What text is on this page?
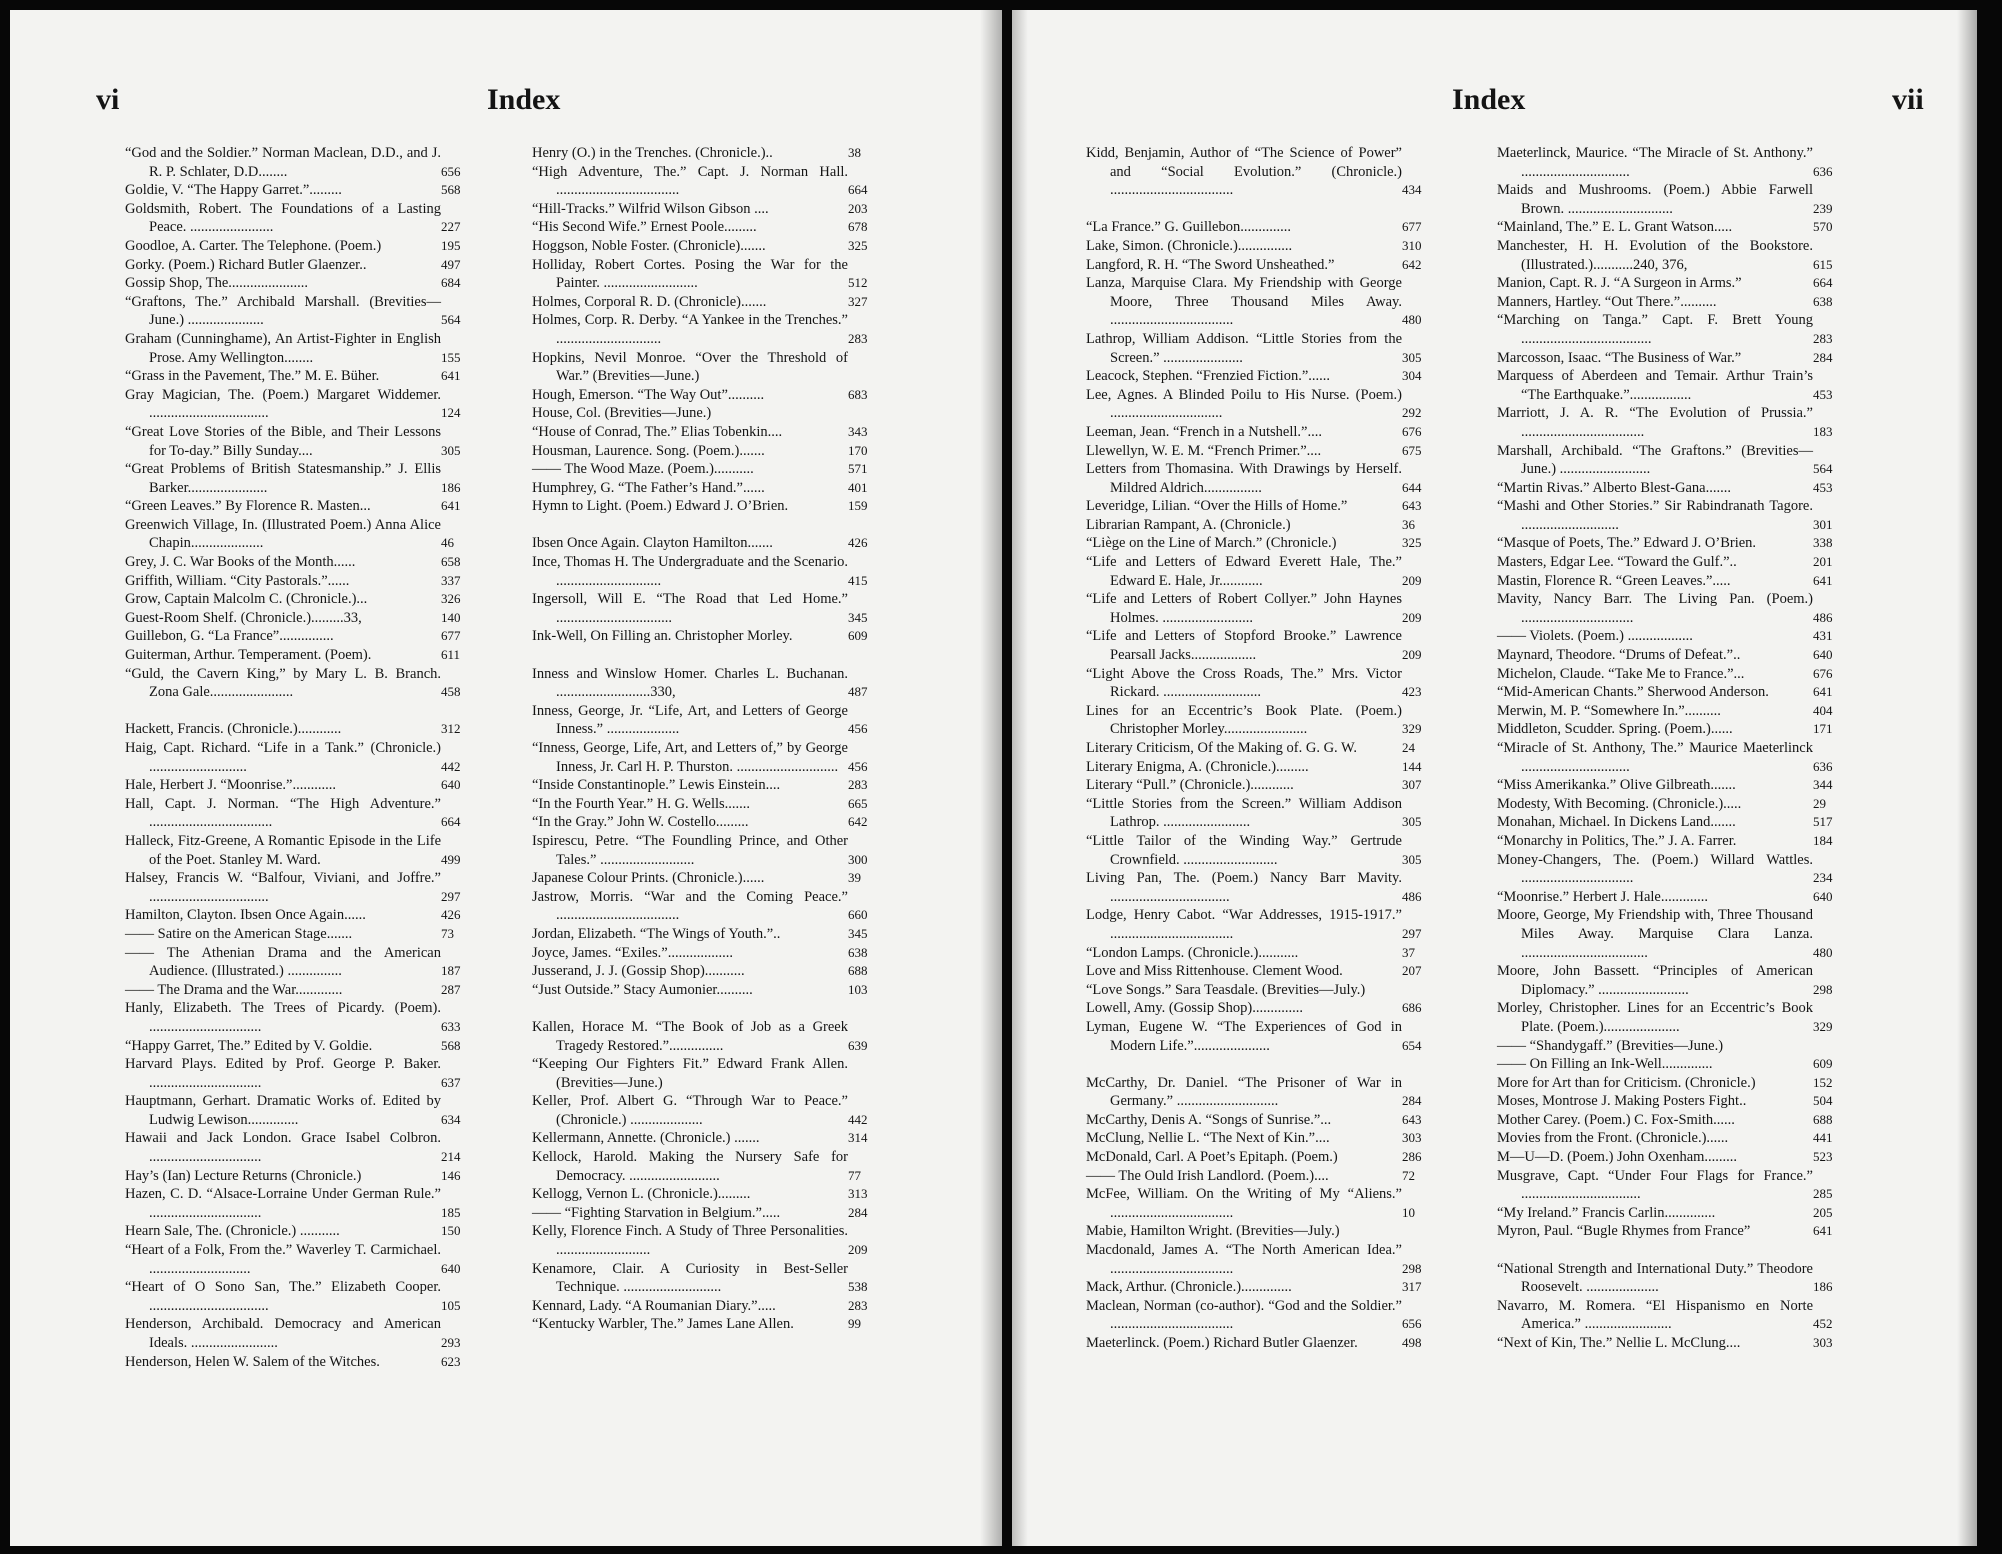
vi	Index
“God and the Soldier.” Norman Maclean, D.D., and J. R. P. Schlater, D.D........	656
Goldie, V. “The Happy Garret.”.........	568
Goldsmith, Robert. The Foundations of a Lasting Peace. .......................	227
Goodloe, A. Carter. The Telephone. (Poem.)	195
Gorky. (Poem.) Richard Butler Glaenzer..	497
Gossip Shop, The......................	684
“Graftons, The.” Archibald Marshall. (Brevities—June.) .....................	564
Graham (Cunninghame), An Artist-Fighter in English Prose. Amy Wellington........	155
“Grass in the Pavement, The.” M. E. Büher.	641
Gray Magician, The. (Poem.) Margaret Widdemer. .................................	124
“Great Love Stories of the Bible, and Their Lessons for To-day.” Billy Sunday....	305
“Great Problems of British Statesmanship.” J. Ellis Barker......................	186
“Green Leaves.” By Florence R. Masten...	641
Greenwich Village, In. (Illustrated Poem.) Anna Alice Chapin....................	46
Grey, J. C. War Books of the Month......	658
Griffith, William. “City Pastorals.”......	337
Grow, Captain Malcolm C. (Chronicle.)...	326
Guest-Room Shelf. (Chronicle.).........33,	140
Guillebon, G. “La France”...............	677
Guiterman, Arthur. Temperament. (Poem).	611
“Guld, the Cavern King,” by Mary L. B. Branch. Zona Gale.......................	458
Hackett, Francis. (Chronicle.)............	312
Haig, Capt. Richard. “Life in a Tank.” (Chronicle.) ...........................	442
Hale, Herbert J. “Moonrise.”............	640
Hall, Capt. J. Norman. “The High Adventure.” ..................................	664
Halleck, Fitz-Greene, A Romantic Episode in the Life of the Poet. Stanley M. Ward.	499
Halsey, Francis W. “Balfour, Viviani, and Joffre.” .................................	297
Hamilton, Clayton. Ibsen Once Again......	426
—— Satire on the American Stage.......	73
—— The Athenian Drama and the American Audience. (Illustrated.) ...............	187
—— The Drama and the War.............	287
Hanly, Elizabeth. The Trees of Picardy. (Poem). ...............................	633
“Happy Garret, The.” Edited by V. Goldie.	568
Harvard Plays. Edited by Prof. George P. Baker. ...............................	637
Hauptmann, Gerhart. Dramatic Works of. Edited by Ludwig Lewison..............	634
Hawaii and Jack London. Grace Isabel Colbron. ...............................	214
Hay’s (Ian) Lecture Returns (Chronicle.)	146
Hazen, C. D. “Alsace-Lorraine Under German Rule.” ...............................	185
Hearn Sale, The. (Chronicle.) ...........	150
“Heart of a Folk, From the.” Waverley T. Carmichael. ............................	640
“Heart of O Sono San, The.” Elizabeth Cooper. .................................	105
Henderson, Archibald. Democracy and American Ideals. ........................	293
Henderson, Helen W. Salem of the Witches.	623
Henry (O.) in the Trenches. (Chronicle.)..	38
“High Adventure, The.” Capt. J. Norman Hall. ..................................	664
“Hill-Tracks.” Wilfrid Wilson Gibson ....	203
“His Second Wife.” Ernest Poole.........	678
Hoggson, Noble Foster. (Chronicle).......	325
Holliday, Robert Cortes. Posing the War for the Painter. ..........................	512
Holmes, Corporal R. D. (Chronicle).......	327
Holmes, Corp. R. Derby. “A Yankee in the Trenches.” .............................	283
Hopkins, Nevil Monroe. “Over the Threshold of War.” (Brevities—June.)
Hough, Emerson. “The Way Out”..........	683
House, Col. (Brevities—June.)
“House of Conrad, The.” Elias Tobenkin....	343
Housman, Laurence. Song. (Poem.).......	170
—— The Wood Maze. (Poem.)...........	571
Humphrey, G. “The Father’s Hand.”......	401
Hymn to Light. (Poem.) Edward J. O’Brien.	159
Ibsen Once Again. Clayton Hamilton.......	426
Ince, Thomas H. The Undergraduate and the Scenario. .............................	415
Ingersoll, Will E. “The Road that Led Home.” ................................	345
Ink-Well, On Filling an. Christopher Morley.	609
Inness and Winslow Homer. Charles L. Buchanan. ..........................330,	487
Inness, George, Jr. “Life, Art, and Letters of George Inness.” ....................	456
“Inness, George, Life, Art, and Letters of,” by George Inness, Jr. Carl H. P. Thurston. ............................ 456
“Inside Constantinople.” Lewis Einstein....	283
“In the Fourth Year.” H. G. Wells.......	665
“In the Gray.” John W. Costello.........	642
Ispirescu, Petre. “The Foundling Prince, and Other Tales.” ..........................	300
Japanese Colour Prints. (Chronicle.)......	39
Jastrow, Morris. “War and the Coming Peace.” ..................................	660
Jordan, Elizabeth. “The Wings of Youth.”..	345
Joyce, James. “Exiles.”..................	638
Jusserand, J. J. (Gossip Shop)...........	688
“Just Outside.” Stacy Aumonier..........	103
Kallen, Horace M. “The Book of Job as a Greek Tragedy Restored.”...............	639
“Keeping Our Fighters Fit.” Edward Frank Allen. (Brevities—June.)
Keller, Prof. Albert G. “Through War to Peace.” (Chronicle.) ....................	442
Kellermann, Annette. (Chronicle.) .......	314
Kellock, Harold. Making the Nursery Safe for Democracy. .........................	77
Kellogg, Vernon L. (Chronicle.).........	313
—— “Fighting Starvation in Belgium.”.....	284
Kelly, Florence Finch. A Study of Three Personalities. ..........................	209
Kenamore, Clair. A Curiosity in Best-Seller Technique. ...........................	538
Kennard, Lady. “A Roumanian Diary.”.....	283
“Kentucky Warbler, The.” James Lane Allen.	99
Index	vii
Kidd, Benjamin, Author of “The Science of Power” and “Social Evolution.” (Chronicle.) ..................................	434
“La France.” G. Guillebon..............	677
Lake, Simon. (Chronicle.)...............	310
Langford, R. H. “The Sword Unsheathed.”	642
Lanza, Marquise Clara. My Friendship with George Moore, Three Thousand Miles Away. ..................................	480
Lathrop, William Addison. “Little Stories from the Screen.” ......................	305
Leacock, Stephen. “Frenzied Fiction.”......	304
Lee, Agnes. A Blinded Poilu to His Nurse. (Poem.) ...............................	292
Leeman, Jean. “French in a Nutshell.”....	676
Llewellyn, W. E. M. “French Primer.”....	675
Letters from Thomasina. With Drawings by Herself. Mildred Aldrich................	644
Leveridge, Lilian. “Over the Hills of Home.”	643
Librarian Rampant, A. (Chronicle.)	36
“Liège on the Line of March.” (Chronicle.)	325
“Life and Letters of Edward Everett Hale, The.” Edward E. Hale, Jr............	209
“Life and Letters of Robert Collyer.” John Haynes Holmes. .........................	209
“Life and Letters of Stopford Brooke.” Lawrence Pearsall Jacks..................	209
“Light Above the Cross Roads, The.” Mrs. Victor Rickard. ...........................	423
Lines for an Eccentric’s Book Plate. (Poem.) Christopher Morley.......................	329
Literary Criticism, Of the Making of. G. G. W.	24
Literary Enigma, A. (Chronicle.).........	144
Literary “Pull.” (Chronicle.)............	307
“Little Stories from the Screen.” William Addison Lathrop. ........................	305
“Little Tailor of the Winding Way.” Gertrude Crownfield. ..........................	305
Living Pan, The. (Poem.) Nancy Barr Mavity. .................................	486
Lodge, Henry Cabot. “War Addresses, 1915-1917.” ..................................	297
“London Lamps. (Chronicle.)...........	37
Love and Miss Rittenhouse. Clement Wood.	207
“Love Songs.” Sara Teasdale. (Brevities—July.)
Lowell, Amy. (Gossip Shop)..............	686
Lyman, Eugene W. “The Experiences of God in Modern Life.”.....................	654
McCarthy, Dr. Daniel. “The Prisoner of War in Germany.” ............................	284
McCarthy, Denis A. “Songs of Sunrise.”...	643
McClung, Nellie L. “The Next of Kin.”....	303
McDonald, Carl. A Poet’s Epitaph. (Poem.)	286
—— The Ould Irish Landlord. (Poem.)....	72
McFee, William. On the Writing of My “Aliens.” ..................................	10
Mabie, Hamilton Wright. (Brevities—July.)
Macdonald, James A. “The North American Idea.” ..................................	298
Mack, Arthur. (Chronicle.)..............	317
Maclean, Norman (co-author). “God and the Soldier.” ..................................	656
Maeterlinck. (Poem.) Richard Butler Glaenzer.	498
Maeterlinck, Maurice. “The Miracle of St. Anthony.” ..............................	636
Maids and Mushrooms. (Poem.) Abbie Farwell Brown. .............................	239
“Mainland, The.” E. L. Grant Watson.....	570
Manchester, H. H. Evolution of the Bookstore. (Illustrated.)...........240, 376,	615
Manion, Capt. R. J. “A Surgeon in Arms.”	664
Manners, Hartley. “Out There.”..........	638
“Marching on Tanga.” Capt. F. Brett Young ....................................	283
Marcosson, Isaac. “The Business of War.”	284
Marquess of Aberdeen and Temair. Arthur Train’s “The Earthquake.”.................	453
Marriott, J. A. R. “The Evolution of Prussia.” ..................................	183
Marshall, Archibald. “The Graftons.” (Brevities—June.) .........................	564
“Martin Rivas.” Alberto Blest-Gana.......	453
“Mashi and Other Stories.” Sir Rabindranath Tagore. ...........................	301
“Masque of Poets, The.” Edward J. O’Brien.	338
Masters, Edgar Lee. “Toward the Gulf.”..	201
Mastin, Florence R. “Green Leaves.”.....	641
Mavity, Nancy Barr. The Living Pan. (Poem.) ...............................	486
—— Violets. (Poem.) ..................	431
Maynard, Theodore. “Drums of Defeat.”..	640
Michelon, Claude. “Take Me to France.”...	676
“Mid-American Chants.” Sherwood Anderson.	641
Merwin, M. P. “Somewhere In.”..........	404
Middleton, Scudder. Spring. (Poem.)......	171
“Miracle of St. Anthony, The.” Maurice Maeterlinck ..............................	636
“Miss Amerikanka.” Olive Gilbreath.......	344
Modesty, With Becoming. (Chronicle.).....	29
Monahan, Michael. In Dickens Land.......	517
“Monarchy in Politics, The.” J. A. Farrer.	184
Money-Changers, The. (Poem.) Willard Wattles. ...............................	234
“Moonrise.” Herbert J. Hale.............	640
Moore, George, My Friendship with, Three Thousand Miles Away. Marquise Clara Lanza. ...................................	480
Moore, John Bassett. “Principles of American Diplomacy.” .........................	298
Morley, Christopher. Lines for an Eccentric’s Book Plate. (Poem.).....................	329
—— “Shandygaff.” (Brevities—June.)
—— On Filling an Ink-Well..............	609
More for Art than for Criticism. (Chronicle.)	152
Moses, Montrose J. Making Posters Fight..	504
Mother Carey. (Poem.) C. Fox-Smith......	688
Movies from the Front. (Chronicle.)......	441
M—U—D. (Poem.) John Oxenham.........	523
Musgrave, Capt. “Under Four Flags for France.” .................................	285
“My Ireland.” Francis Carlin..............	205
Myron, Paul. “Bugle Rhymes from France”	641
“National Strength and International Duty.” Theodore Roosevelt. ....................	186
Navarro, M. Romera. “El Hispanismo en Norte America.” ........................	452
“Next of Kin, The.” Nellie L. McClung....	303
